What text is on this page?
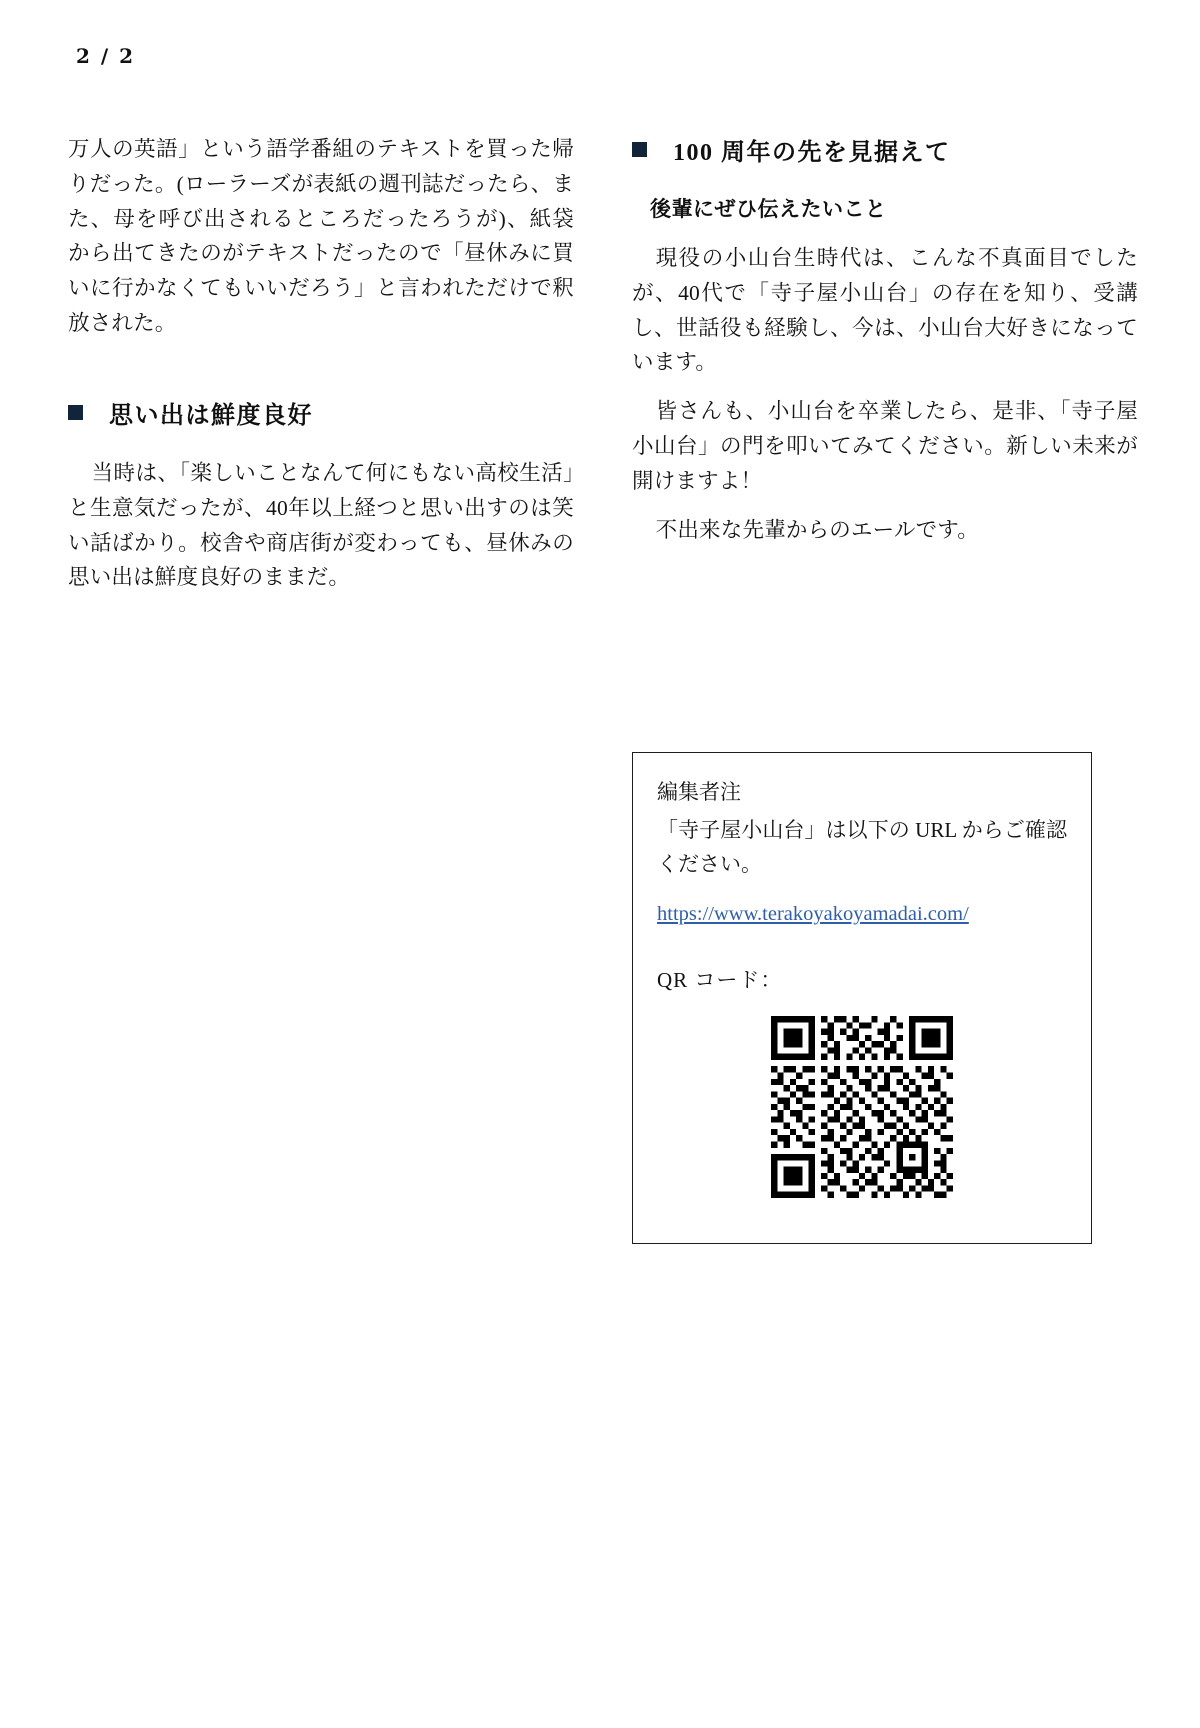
2 / 2

万人の英語」という語学番組のテキストを買った帰りだった。(ローラーズが表紙の週刊誌だったら、また、母を呼び出されるところだったろうが)、紙袋から出てきたのがテキストだったので「昼休みに買いに行かなくてもいいだろう」と言われただけで釈放された。

思い出は鮮度良好

当時は、「楽しいことなんて何にもない高校生活」と生意気だったが、40年以上経つと思い出すのは笑い話ばかり。校舎や商店街が変わっても、昼休みの思い出は鮮度良好のままだ。

100 周年の先を見据えて
後輩にぜひ伝えたいこと

現役の小山台生時代は、こんな不真面目でしたが、40代で「寺子屋小山台」の存在を知り、受講し、世話役も経験し、今は、小山台大好きになっています。

皆さんも、小山台を卒業したら、是非、「寺子屋小山台」の門を叩いてみてください。新しい未来が開けますよ！

不出来な先輩からのエールです。

編集者注

「寺子屋小山台」は以下の URL からご確認ください。

https://www.terakoyakoyamadai.com/

QR コード：
